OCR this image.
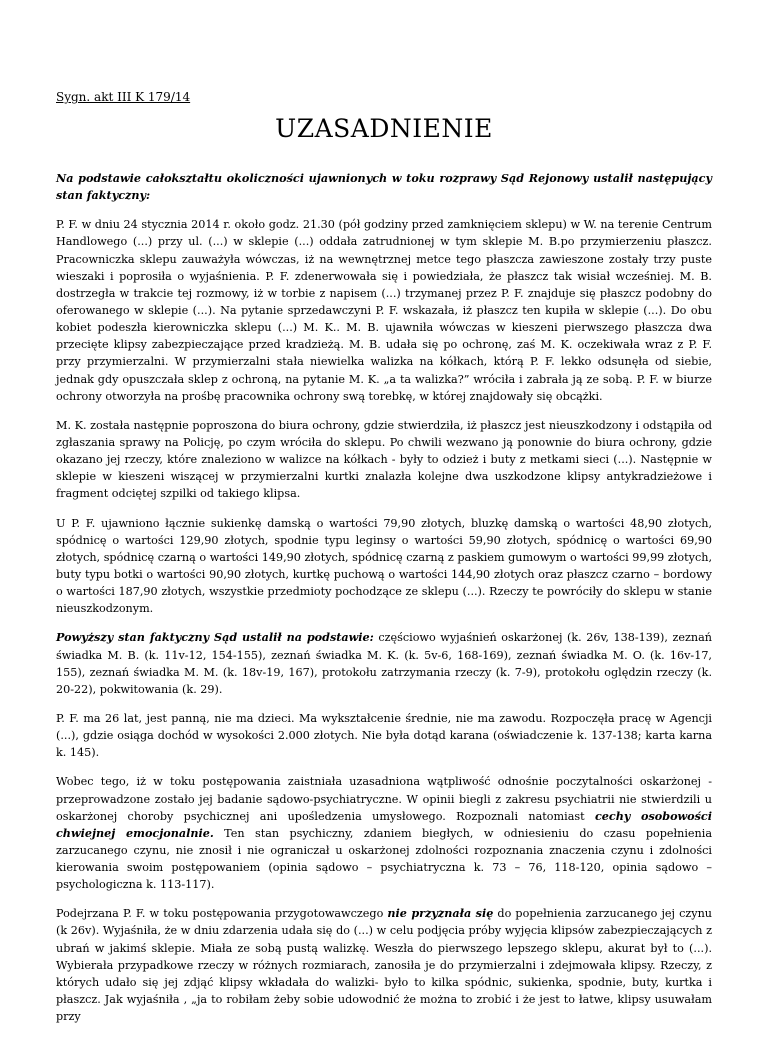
Sygn. akt III K 179/14
UZASADNIENIE

Na podstawie całokształtu okoliczności ujawnionych w toku rozprawy Sąd Rejonowy ustalił następujący stan faktyczny:

P. F. w dniu 24 stycznia 2014 r. około godz. 21.30 (pół godziny przed zamknięciem sklepu) w W. na terenie Centrum Handlowego (...) przy ul. (...) w sklepie (...) oddała zatrudnionej w tym sklepie M. B.po przymierzeniu płaszcz. Pracowniczka sklepu zauważyła wówczas, iż na wewnętrznej metce tego płaszcza zawieszone zostały trzy puste wieszaki i poprosiła o wyjaśnienia. P. F. zdenerwowała się i powiedziała, że płaszcz tak wisiał wcześniej. M. B. dostrzegła w trakcie tej rozmowy, iż w torbie z napisem (...) trzymanej przez P. F. znajduje się płaszcz podobny do oferowanego w sklepie (...). Na pytanie sprzedawczyni P. F. wskazała, iż płaszcz ten kupiła w sklepie (...). Do obu kobiet podeszła kierowniczka sklepu (...) M. K.. M. B. ujawniła wówczas w kieszeni pierwszego płaszcza dwa przecięte klipsy zabezpieczające przed kradzieżą. M. B. udała się po ochronę, zaś M. K. oczekiwała wraz z P. F. przy przymierzalni. W przymierzalni stała niewielka walizka na kółkach, którą P. F. lekko odsunęła od siebie, jednak gdy opuszczała sklep z ochroną, na pytanie M. K. „a ta walizka?” wróciła i zabrała ją ze sobą. P. F. w biurze ochrony otworzyła na prośbę pracownika ochrony swą torebkę, w której znajdowały się obcążki.

M. K. została następnie poproszona do biura ochrony, gdzie stwierdziła, iż płaszcz jest nieuszkodzony i odstąpiła od zgłaszania sprawy na Policję, po czym wróciła do sklepu. Po chwili wezwano ją ponownie do biura ochrony, gdzie okazano jej rzeczy, które znaleziono w walizce na kółkach - były to odzież i buty z metkami sieci (...). Następnie w sklepie w kieszeni wiszącej w przymierzalni kurtki znalazła kolejne dwa uszkodzone klipsy antykradzieżowe i fragment odciętej szpilki od takiego klipsa.

U P. F. ujawniono łącznie sukienkę damską o wartości 79,90 złotych, bluzkę damską o wartości 48,90 złotych, spódnicę o wartości 129,90 złotych, spodnie typu leginsy o wartości 59,90 złotych, spódnicę o wartości 69,90 złotych, spódnicę czarną o wartości 149,90 złotych, spódnicę czarną z paskiem gumowym o wartości 99,99 złotych, buty typu botki o wartości 90,90 złotych, kurtkę puchową o wartości 144,90 złotych oraz płaszcz czarno – bordowy o wartości 187,90 złotych, wszystkie przedmioty pochodzące ze sklepu (...). Rzeczy te powróciły do sklepu w stanie nieuszkodzonym.

Powyższy stan faktyczny Sąd ustalił na podstawie: częściowo wyjaśnień oskarżonej (k. 26v, 138-139), zeznań świadka M. B. (k. 11v-12, 154-155), zeznań świadka M. K. (k. 5v-6, 168-169), zeznań świadka M. O. (k. 16v-17, 155), zeznań świadka M. M. (k. 18v-19, 167), protokołu zatrzymania rzeczy (k. 7-9), protokołu oględzin rzeczy (k. 20-22), pokwitowania (k. 29).

P. F. ma 26 lat, jest panną, nie ma dzieci. Ma wykształcenie średnie, nie ma zawodu. Rozpoczęła pracę w Agencji (...), gdzie osiąga dochód w wysokości 2.000 złotych. Nie była dotąd karana (oświadczenie k. 137-138; karta karna k. 145).

Wobec tego, iż w toku postępowania zaistniała uzasadniona wątpliwość odnośnie poczytalności oskarżonej - przeprowadzone zostało jej badanie sądowo-psychiatryczne. W opinii biegli z zakresu psychiatrii nie stwierdzili u oskarżonej choroby psychicznej ani upośledzenia umysłowego. Rozpoznali natomiast cechy osobowości chwiejnej emocjonalnie. Ten stan psychiczny, zdaniem biegłych, w odniesieniu do czasu popełnienia zarzucanego czynu, nie znosił i nie ograniczał u oskarżonej zdolności rozpoznania znaczenia czynu i zdolności kierowania swoim postępowaniem (opinia sądowo – psychiatryczna k. 73 – 76, 118-120, opinia sądowo – psychologiczna k. 113-117).

Podejrzana P. F. w toku postępowania przygotowawczego nie przyznała się do popełnienia zarzucanego jej czynu (k 26v). Wyjaśniła, że w dniu zdarzenia udała się do (...) w celu podjęcia próby wyjęcia klipsów zabezpieczających z ubrań w jakimś sklepie. Miała ze sobą pustą walizkę. Weszła do pierwszego lepszego sklepu, akurat był to (...). Wybierała przypadkowe rzeczy w różnych rozmiarach, zanosiła je do przymierzalni i zdejmowała klipsy. Rzeczy, z których udało się jej zdjąć klipsy wkładała do walizki- było to kilka spódnic, sukienka, spodnie, buty, kurtka i płaszcz. Jak wyjaśniła , „ja to robiłam żeby sobie udowodnić że można to zrobić i że jest to łatwe, klipsy usuwałam przy
